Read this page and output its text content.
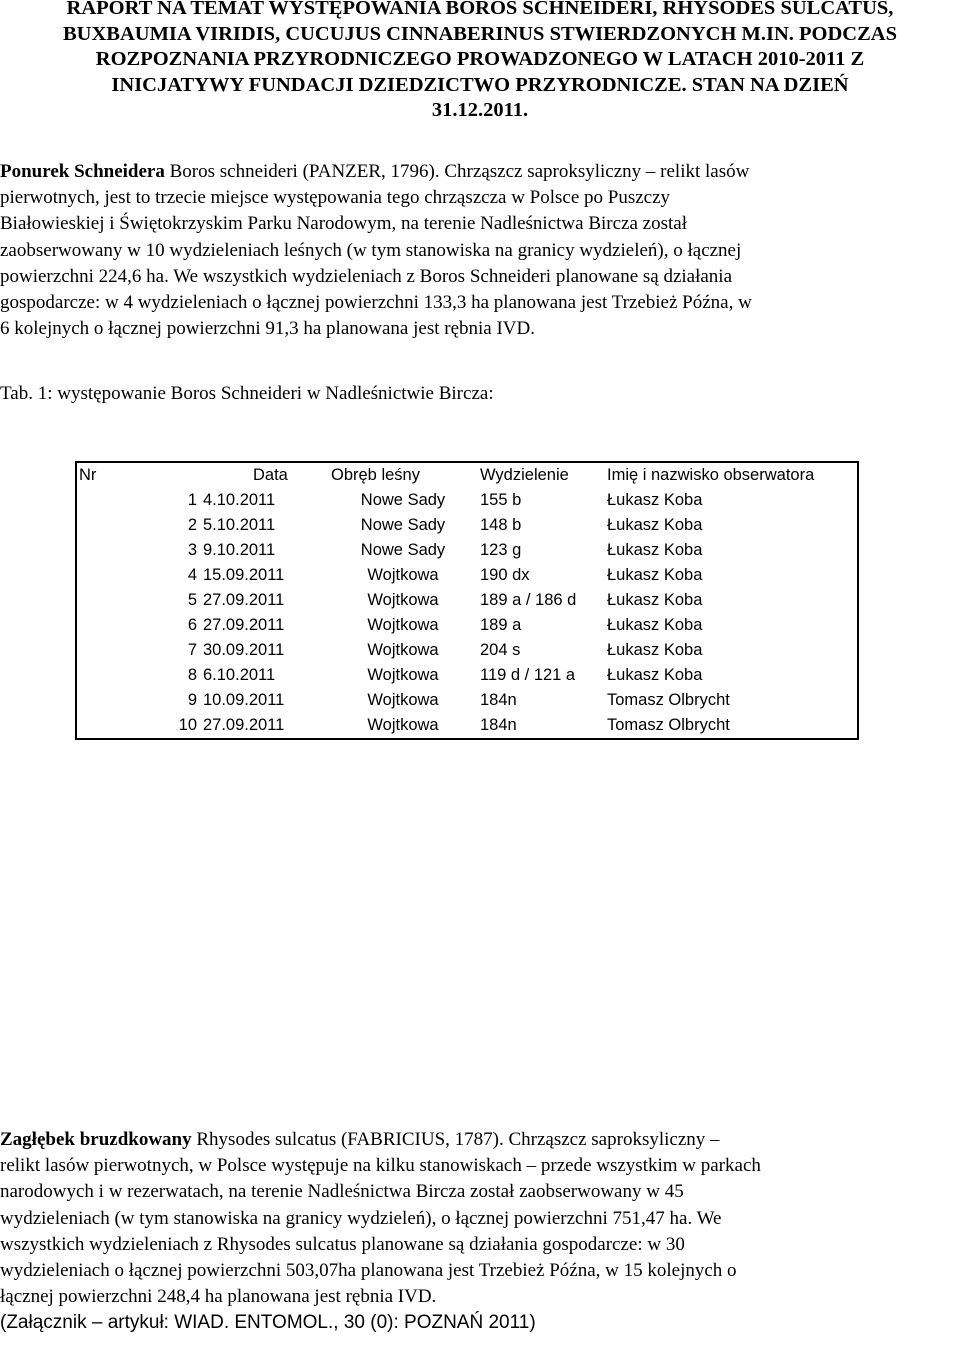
RAPORT NA TEMAT WYSTĘPOWANIA BOROS SCHNEIDERI, RHYSODES SULCATUS,
BUXBAUMIA VIRIDIS, CUCUJUS CINNABERINUS STWIERDZONYCH M.IN. PODCZAS
ROZPOZNANIA PRZYRODNICZEGO PROWADZONEGO W LATACH 2010-2011 Z
INICJATYWY FUNDACJI DZIEDZICTWO PRZYRODNICZE. STAN NA DZIEŃ
31.12.2011.
Ponurek Schneidera Boros schneideri (PANZER, 1796). Chrząszcz saproksyliczny – relikt lasów
pierwotnych, jest to trzecie miejsce występowania tego chrząszcza w Polsce po Puszczy
Białowieskiej i Świętokrzyskim Parku Narodowym, na terenie Nadleśnictwa Bircza został
zaobserwowany w 10 wydzieleniach leśnych (w tym stanowiska na granicy wydzieleń), o łącznej
powierzchni 224,6 ha. We wszystkich wydzieleniach z Boros Schneideri planowane są działania
gospodarcze: w 4 wydzieleniach o łącznej powierzchni 133,3 ha planowana jest Trzebież Późna, w
6 kolejnych o łącznej powierzchni 91,3 ha planowana jest rębnia IVD.
Tab. 1: występowanie Boros Schneideri w Nadleśnictwie Bircza:
Nr	Data	Obręb leśny	Wydzielenie	Imię i nazwisko obserwatora
1	4.10.2011	Nowe Sady	155 b	Łukasz Koba
2	5.10.2011	Nowe Sady	148 b	Łukasz Koba
3	9.10.2011	Nowe Sady	123 g	Łukasz Koba
4	15.09.2011	Wojtkowa	190 dx	Łukasz Koba
5	27.09.2011	Wojtkowa	189 a / 186 d	Łukasz Koba
6	27.09.2011	Wojtkowa	189 a	Łukasz Koba
7	30.09.2011	Wojtkowa	204 s	Łukasz Koba
8	6.10.2011	Wojtkowa	119 d / 121 a	Łukasz Koba
9	10.09.2011	Wojtkowa	184n	Tomasz Olbrycht
10	27.09.2011	Wojtkowa	184n	Tomasz Olbrycht
Zagłębek bruzdkowany Rhysodes sulcatus (FABRICIUS, 1787). Chrząszcz saproksyliczny –
relikt lasów pierwotnych, w Polsce występuje na kilku stanowiskach – przede wszystkim w parkach
narodowych i w rezerwatach, na terenie Nadleśnictwa Bircza został zaobserwowany w 45
wydzieleniach (w tym stanowiska na granicy wydzieleń), o łącznej powierzchni 751,47 ha. We
wszystkich wydzieleniach z Rhysodes sulcatus planowane są działania gospodarcze: w 30
wydzieleniach o łącznej powierzchni 503,07ha planowana jest Trzebież Późna, w 15 kolejnych o
łącznej powierzchni 248,4 ha planowana jest rębnia IVD.
(Załącznik – artykuł: WIAD. ENTOMOL., 30 (0): POZNAŃ 2011)
